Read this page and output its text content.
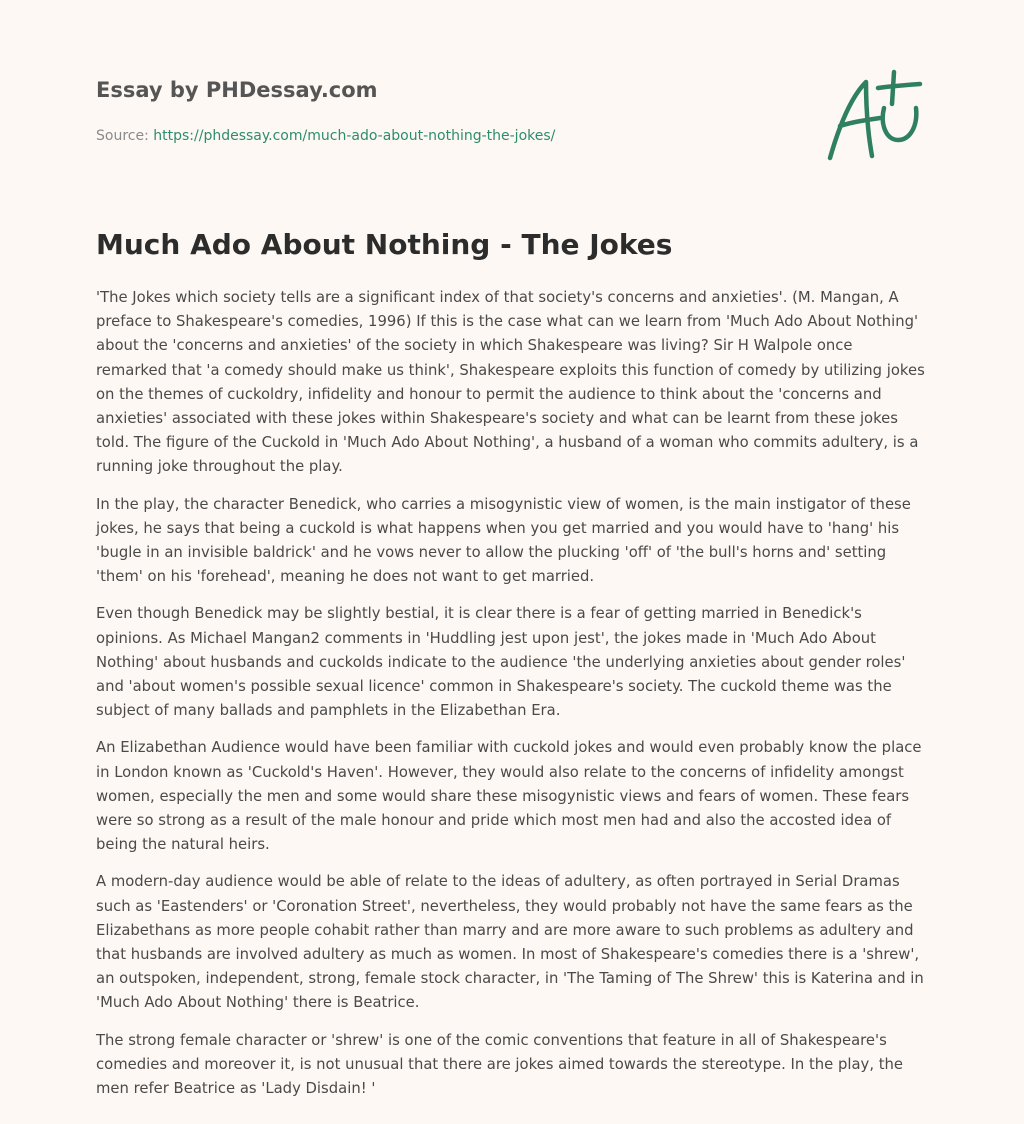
Essay by PHDessay.com
Source: https://phdessay.com/much-ado-about-nothing-the-jokes/
Much Ado About Nothing - The Jokes

'The Jokes which society tells are a significant index of that society's concerns and anxieties'. (M. Mangan, A preface to Shakespeare's comedies, 1996) If this is the case what can we learn from 'Much Ado About Nothing' about the 'concerns and anxieties' of the society in which Shakespeare was living? Sir H Walpole once remarked that 'a comedy should make us think', Shakespeare exploits this function of comedy by utilizing jokes on the themes of cuckoldry, infidelity and honour to permit the audience to think about the 'concerns and anxieties' associated with these jokes within Shakespeare's society and what can be learnt from these jokes told. The figure of the Cuckold in 'Much Ado About Nothing', a husband of a woman who commits adultery, is a running joke throughout the play.

In the play, the character Benedick, who carries a misogynistic view of women, is the main instigator of these jokes, he says that being a cuckold is what happens when you get married and you would have to 'hang' his 'bugle in an invisible baldrick' and he vows never to allow the plucking 'off' of 'the bull's horns and' setting 'them' on his 'forehead', meaning he does not want to get married.

Even though Benedick may be slightly bestial, it is clear there is a fear of getting married in Benedick's opinions. As Michael Mangan2 comments in 'Huddling jest upon jest', the jokes made in 'Much Ado About Nothing' about husbands and cuckolds indicate to the audience 'the underlying anxieties about gender roles' and 'about women's possible sexual licence' common in Shakespeare's society. The cuckold theme was the subject of many ballads and pamphlets in the Elizabethan Era.

An Elizabethan Audience would have been familiar with cuckold jokes and would even probably know the place in London known as 'Cuckold's Haven'. However, they would also relate to the concerns of infidelity amongst women, especially the men and some would share these misogynistic views and fears of women. These fears were so strong as a result of the male honour and pride which most men had and also the accosted idea of being the natural heirs.

A modern-day audience would be able of relate to the ideas of adultery, as often portrayed in Serial Dramas such as 'Eastenders' or 'Coronation Street', nevertheless, they would probably not have the same fears as the Elizabethans as more people cohabit rather than marry and are more aware to such problems as adultery and that husbands are involved adultery as much as women. In most of Shakespeare's comedies there is a 'shrew', an outspoken, independent, strong, female stock character, in 'The Taming of The Shrew' this is Katerina and in 'Much Ado About Nothing' there is Beatrice.

The strong female character or 'shrew' is one of the comic conventions that feature in all of Shakespeare's comedies and moreover it, is not unusual that there are jokes aimed towards the stereotype. In the play, the men refer Beatrice as 'Lady Disdain! '
